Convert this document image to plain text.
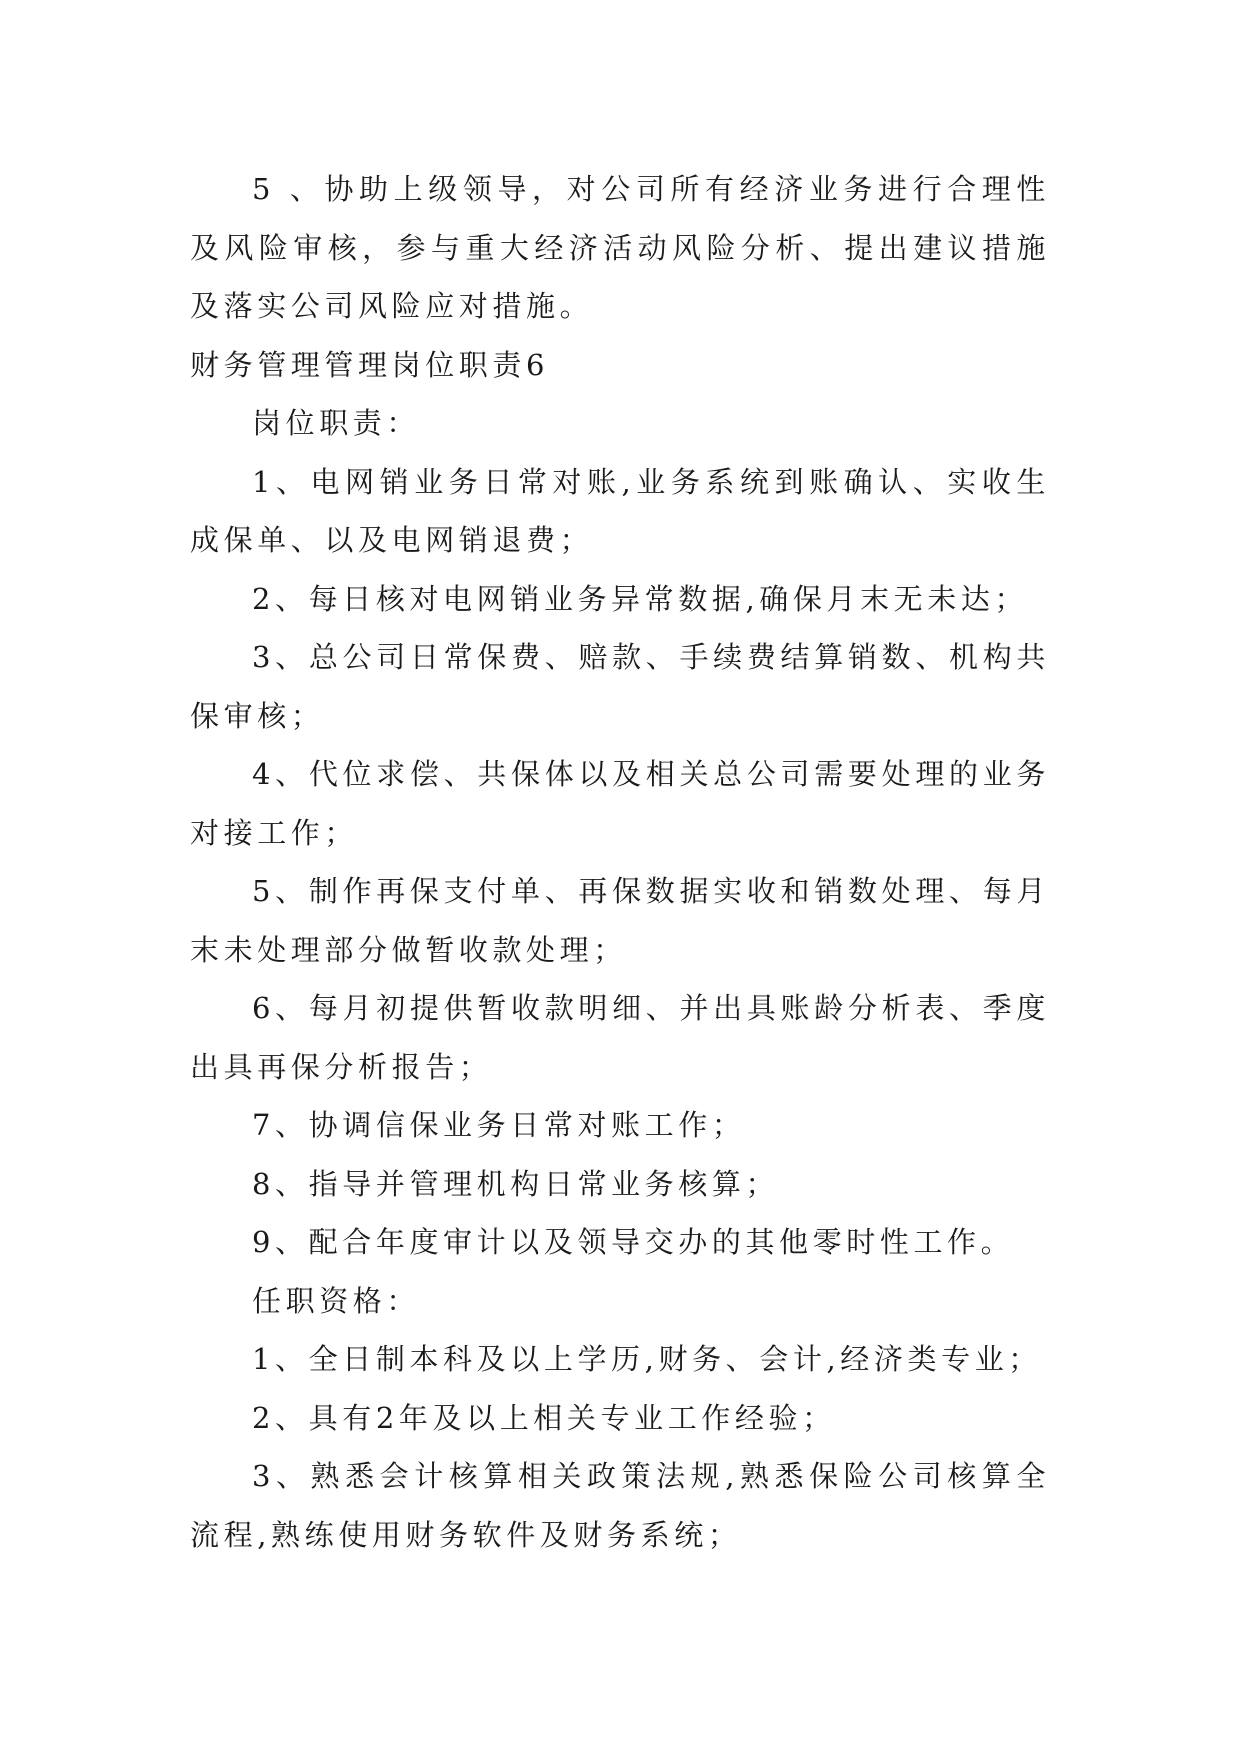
5 、协助上级领导，对公司所有经济业务进行合理性及风险审核，参与重大经济活动风险分析、提出建议措施及落实公司风险应对措施。

财务管理管理岗位职责6

岗位职责：

1、电网销业务日常对账,业务系统到账确认、实收生成保单、以及电网销退费；

2、每日核对电网销业务异常数据,确保月末无未达；

3、总公司日常保费、赔款、手续费结算销数、机构共保审核；

4、代位求偿、共保体以及相关总公司需要处理的业务对接工作；

5、制作再保支付单、再保数据实收和销数处理、每月末未处理部分做暂收款处理；

6、每月初提供暂收款明细、并出具账龄分析表、季度出具再保分析报告；

7、协调信保业务日常对账工作；

8、指导并管理机构日常业务核算；

9、配合年度审计以及领导交办的其他零时性工作。

任职资格：

1、全日制本科及以上学历,财务、会计,经济类专业；

2、具有2年及以上相关专业工作经验；

3、熟悉会计核算相关政策法规,熟悉保险公司核算全流程,熟练使用财务软件及财务系统；
